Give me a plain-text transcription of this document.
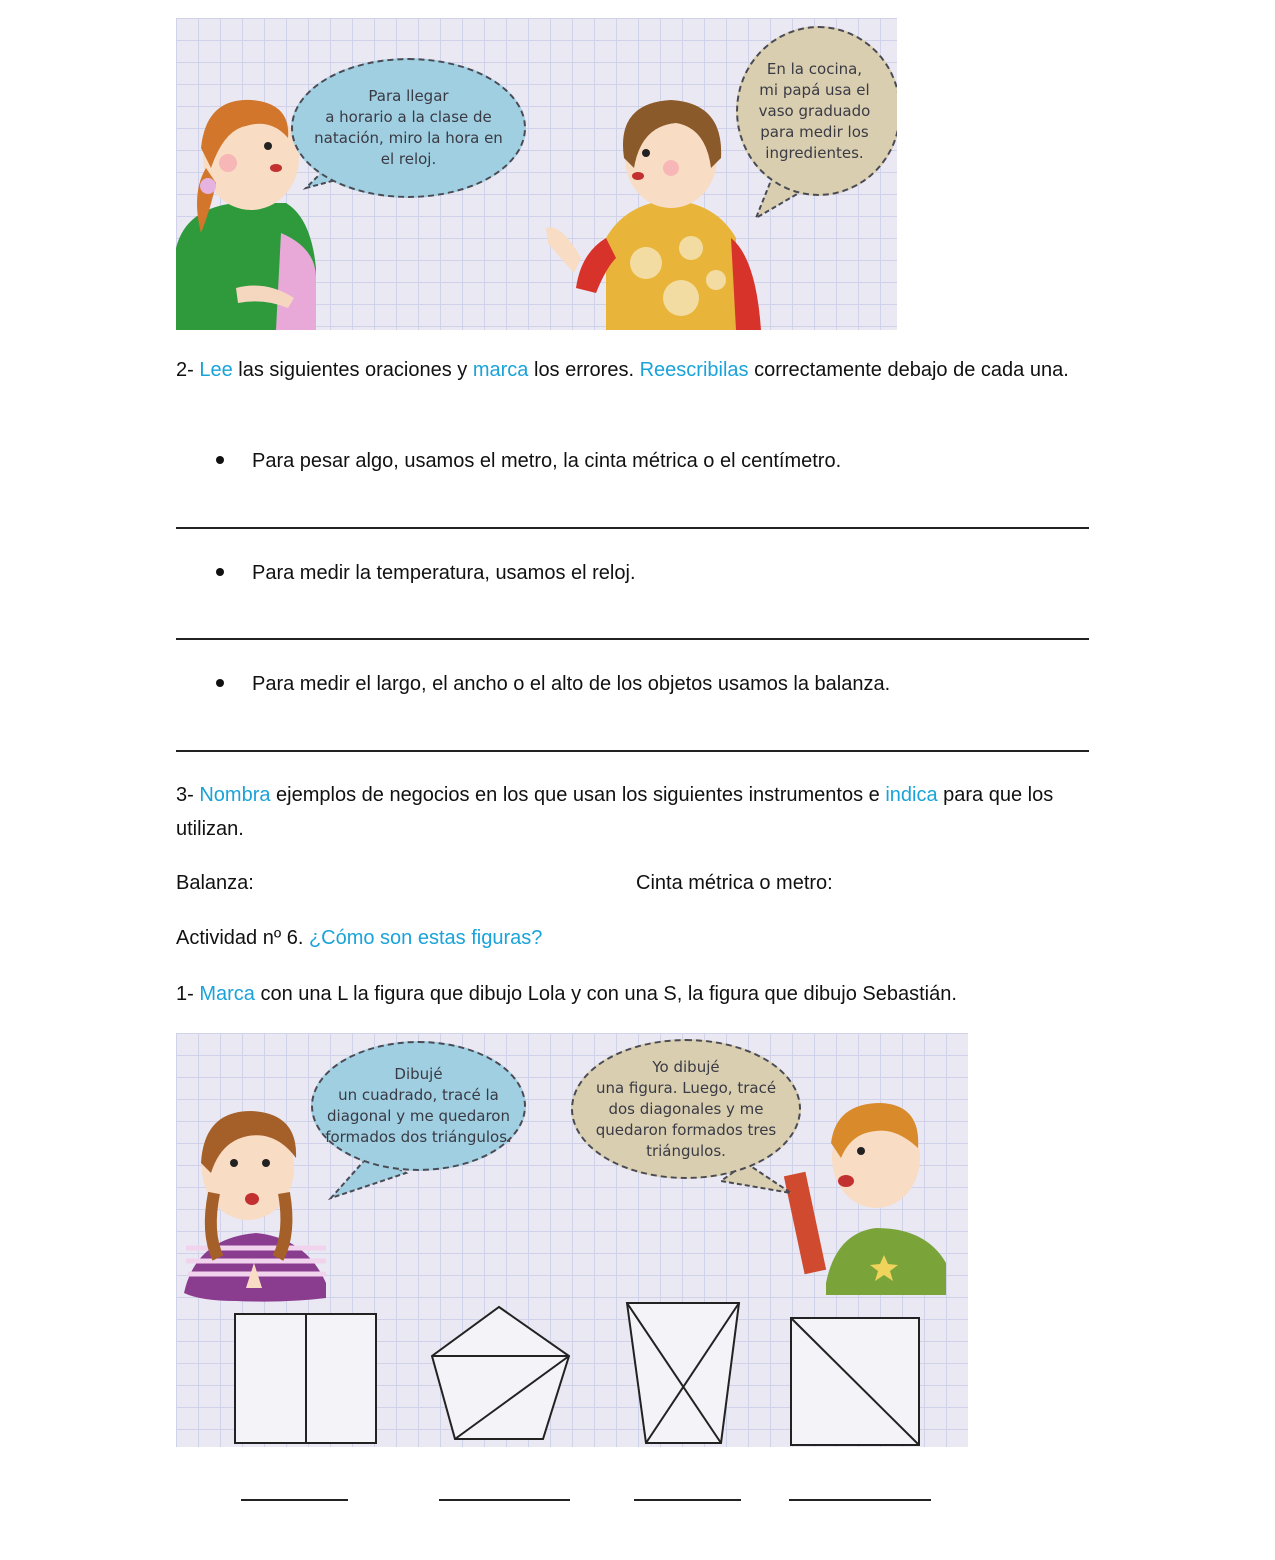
Para llegar
a horario a la clase de
natación, miro la hora en
el reloj.
En la cocina,
mi papá usa el
vaso graduado
para medir los
ingredientes.
2- Lee las siguientes oraciones y marca los errores. Reescribilas correctamente debajo de cada una.
Para pesar algo, usamos el metro, la cinta métrica o el centímetro.
Para medir la temperatura, usamos el reloj.
Para medir el largo, el ancho o el alto de los objetos usamos la balanza.
3- Nombra ejemplos de negocios en los que usan los siguientes instrumentos e indica para que los utilizan.
Balanza:	Cinta métrica o metro:
Actividad nº 6. ¿Cómo son estas figuras?
1- Marca con una L la figura que dibujo Lola y con una S, la figura que dibujo Sebastián.
Dibujé
un cuadrado, tracé la
diagonal y me quedaron
formados dos triángulos.
Yo dibujé
una figura. Luego, tracé
dos diagonales y me
quedaron formados tres
triángulos.
